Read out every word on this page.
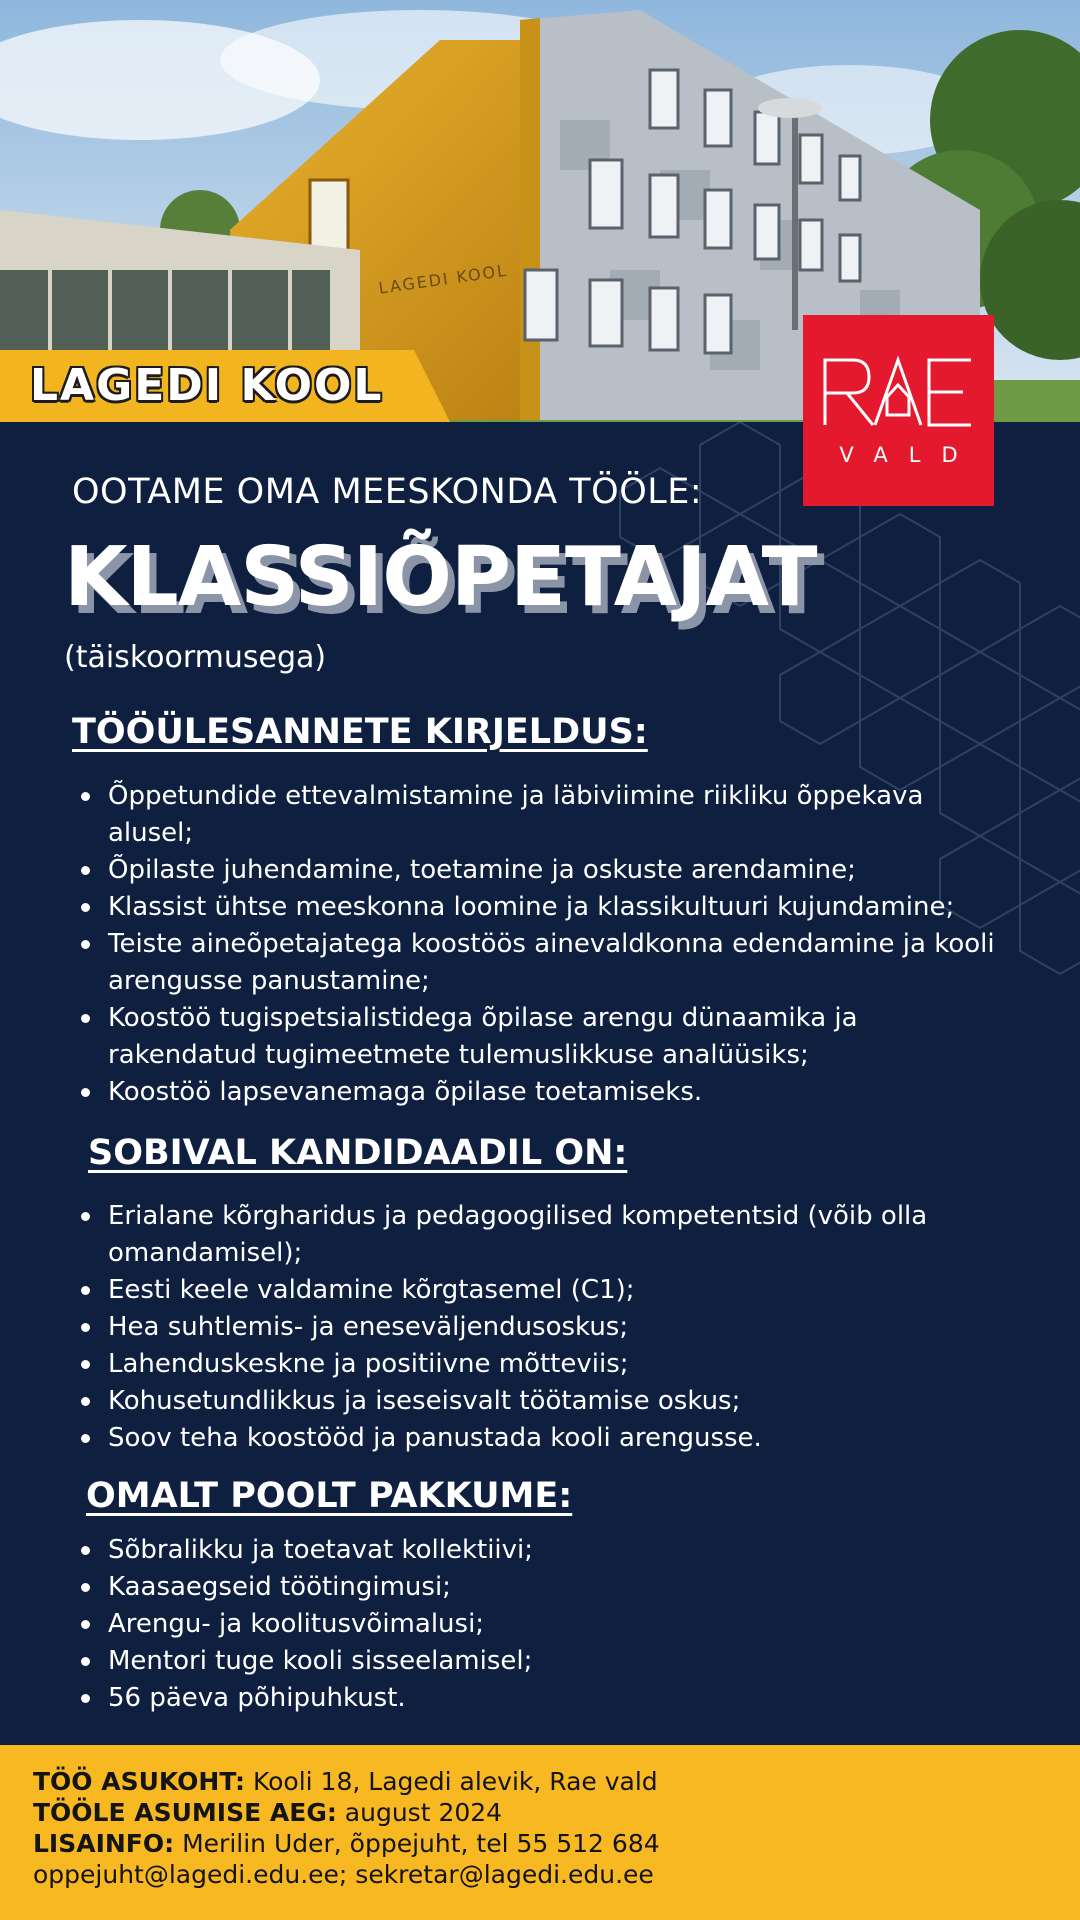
LAGEDI KOOL
LAGEDI KOOL
VALD
OOTAME OMA MEESKONDA TÖÖLE:
KLASSIÕPETAJAT
(täiskoormusega)
TÖÖÜLESANNETE KIRJELDUS:
Õppetundide ettevalmistamine ja läbiviimine riikliku õppekava alusel;
Õpilaste juhendamine, toetamine ja oskuste arendamine;
Klassist ühtse meeskonna loomine ja klassikultuuri kujundamine;
Teiste aineõpetajatega koostöös ainevaldkonna edendamine ja kooli arengusse panustamine;
Koostöö tugispetsialistidega õpilase arengu dünaamika ja rakendatud tugimeetmete tulemuslikkuse analüüsiks;
Koostöö lapsevanemaga õpilase toetamiseks.
SOBIVAL KANDIDAADIL ON:
Erialane kõrgharidus ja pedagoogilised kompetentsid (võib olla omandamisel);
Eesti keele valdamine kõrgtasemel (C1);
Hea suhtlemis- ja eneseväljendusoskus;
Lahenduskeskne ja positiivne mõtteviis;
Kohusetundlikkus ja iseseisvalt töötamise oskus;
Soov teha koostööd ja panustada kooli arengusse.
OMALT POOLT PAKKUME:
Sõbralikku ja toetavat kollektiivi;
Kaasaegseid töötingimusi;
Arengu- ja koolitusvõimalusi;
Mentori tuge kooli sisseelamisel;
56 päeva põhipuhkust.
TÖÖ ASUKOHT: Kooli 18, Lagedi alevik, Rae vald
TÖÖLE ASUMISE AEG: august 2024
LISAINFO: Merilin Uder, õppejuht, tel 55 512 684
oppejuht@lagedi.edu.ee; sekretar@lagedi.edu.ee
